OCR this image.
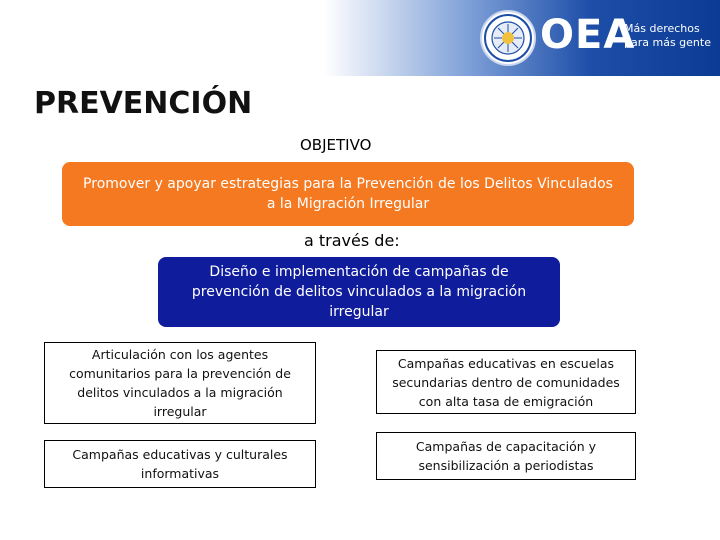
OEA
Más derechos para más gente
PREVENCIÓN
OBJETIVO
Promover y apoyar estrategias para la Prevención de los Delitos Vinculados a la Migración Irregular
a través de:
Diseño e implementación de campañas de prevención de delitos vinculados a la migración irregular
Articulación con los agentes comunitarios para la prevención de delitos vinculados a la migración irregular
Campañas educativas en escuelas secundarias dentro de comunidades con alta tasa de emigración
Campañas educativas y culturales informativas
Campañas de capacitación y sensibilización a periodistas
